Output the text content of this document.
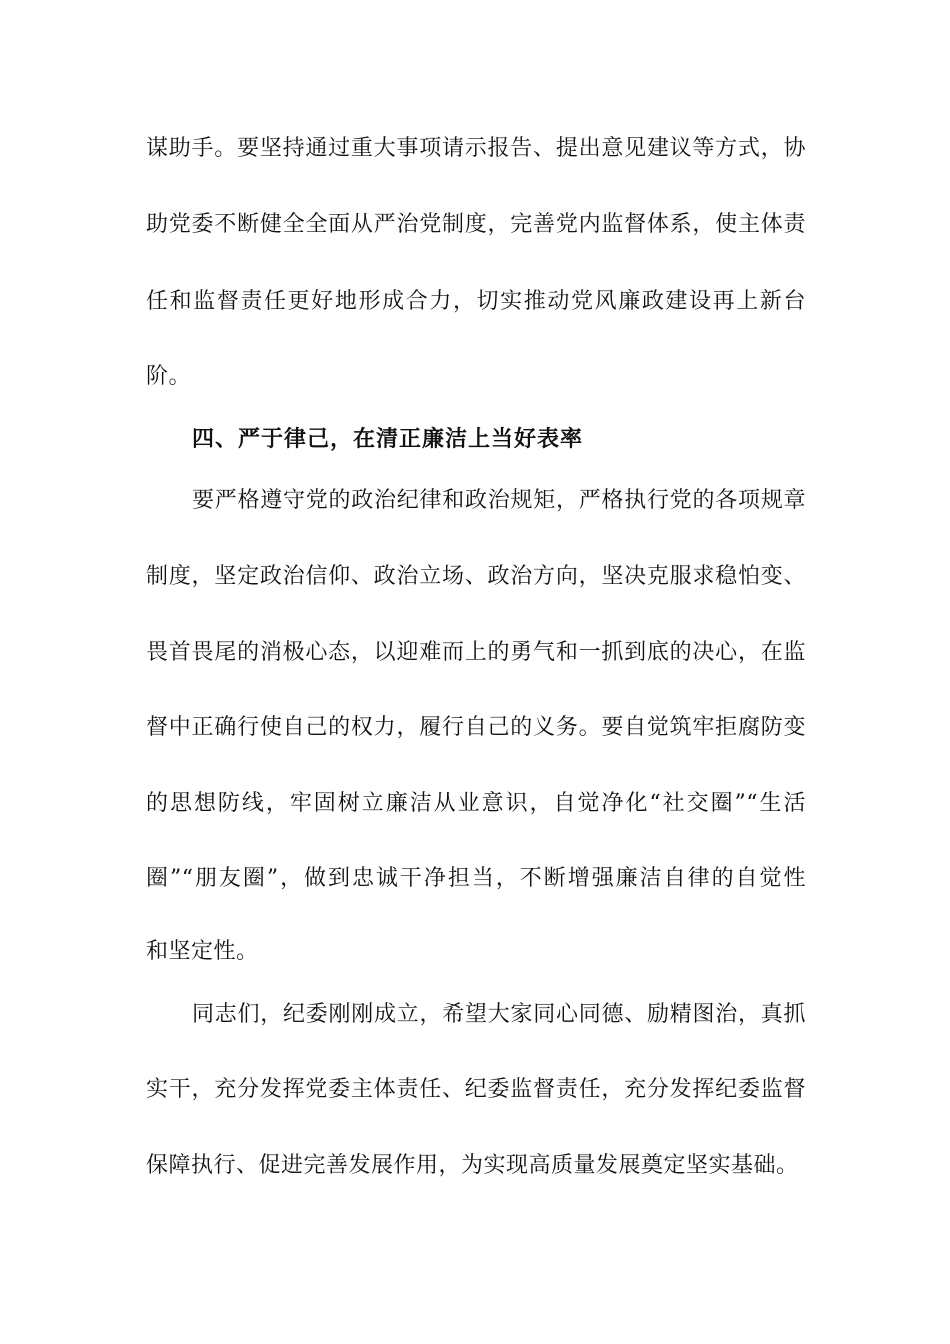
谋助手。要坚持通过重大事项请示报告、提出意见建议等方式，协
助党委不断健全全面从严治党制度，完善党内监督体系，使主体责
任和监督责任更好地形成合力，切实推动党风廉政建设再上新台
阶。
四、严于律己，在清正廉洁上当好表率
要严格遵守党的政治纪律和政治规矩，严格执行党的各项规章
制度，坚定政治信仰、政治立场、政治方向，坚决克服求稳怕变、
畏首畏尾的消极心态，以迎难而上的勇气和一抓到底的决心，在监
督中正确行使自己的权力，履行自己的义务。要自觉筑牢拒腐防变
的思想防线，牢固树立廉洁从业意识，自觉净化“社交圈”“生活
圈”“朋友圈”，做到忠诚干净担当，不断增强廉洁自律的自觉性
和坚定性。
同志们，纪委刚刚成立，希望大家同心同德、励精图治，真抓
实干，充分发挥党委主体责任、纪委监督责任，充分发挥纪委监督
保障执行、促进完善发展作用，为实现高质量发展奠定坚实基础。
